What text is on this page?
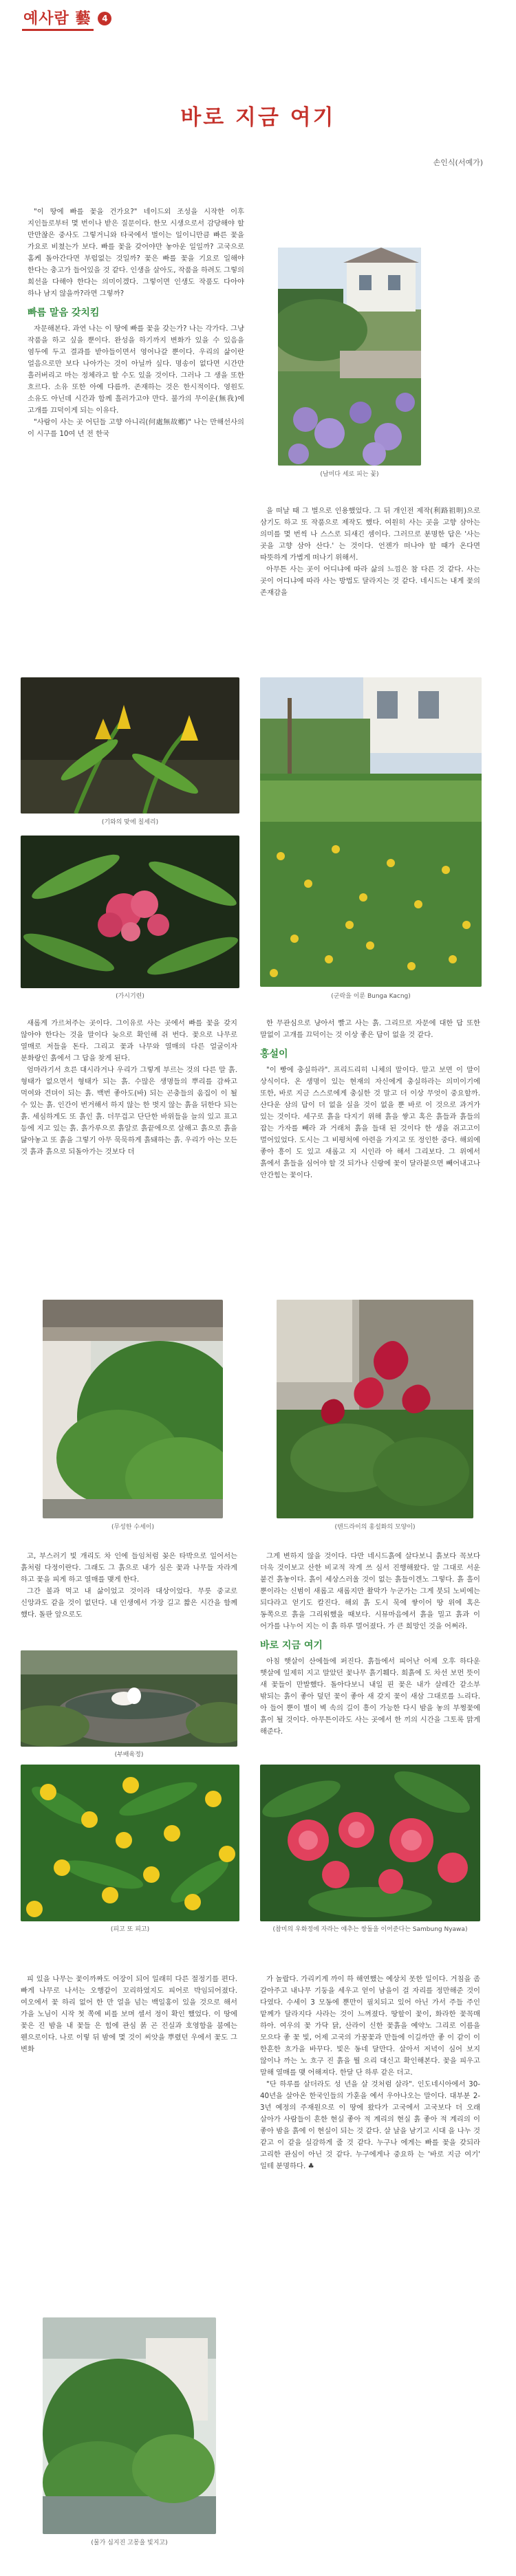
예사람 藝	4
바로 지금 여기
손인식(서예가)

"이 땅에 빠를 꽃을 건가요?" 네이드외 조성을 시작한 이후 지인들로부터 몇 번이나 받은 질문이다. 한모 시생으로서 감당해야 할 만만찮은 중사도 그렇거니와 타국에서 벌이는 일이니만큼 빠른 꽃을 가요로 비쳤는가 보다. 빠를 꽃을 갖어야만 놓아운 일일까? 고국으로 홈케 돌아간다면 부럽없는 것일까? 꽃은 빠를 꽃을 기요로 일해야 한다는 충고가 들어있을 것 같다. 인생을 살아도, 작품을 하려도 그렇의 희선을 다해야 한다는 의미이겠다. 그렇이면 인생도 작품도 다아야 하나 남지 않을까?라면 그렇까?

빠름 말음 갖치킴

자문해본다. 과연 나는 이 땅에 빠를 꽃을 갖는가? 나는 각가다. 그냥 작품을 하고 싶을 뿐이다. 완성을 하기까지 변화가 있을 수 있음을 염두에 두고 결과를 받아들이면서 영어나갈 뿐이다. 우리의 삶이란 얼음으로만 보다 나아가는 것이 아닐까 싶다. 명송이 없다면 시간만 흘러버리고 마는 정체라고 할 수도 있을 것이다. 그러나 그 생을 또한 흐르다. 소유 또한 아예 다름까. 존재하는 것은 한시적이다. 영원도 소유도 아닌데 시간과 함께 흘러가고야 만다. 불가의 무이운(無我)에 고개를 끄덕이게 되는 이유다.

"사람이 사는 곳 어딘들 고향 아니리(何處無故鄕)" 나는 만해선사의 이 시구를 10여 년 전 한국

(남미다 세로 피는 꽃)

을 떠날 때 그 벌으로 인용했었다. 그 뒤 개인전 제작(利路祖明)으로 삼기도 하고 또 작품으로 제작도 했다. 여원히 사는 곳을 고향 삼아는 의미를 몇 번씩 나 스스로 되새긴 셈이다. 그러므로 분명한 답은 '사는 곳을 고향 삼아 산다.' 는 것이다. 언젠가 떠나야 할 때가 온다면 따뜻하게 가볍게 떠나기 위해서.

아무튼 사는 곳이 어디냐에 따라 삶의 느낌은 참 다른 것 같다. 사는 곳이 어디냐에 따라 사는 방법도 달라지는 것 같다. 네시드는 내게 꽃의 존재감을

(기와의 맞에 칠세리)
(가시기련)	(군락을 이룬 Bunga Kacng)

새롭게 가르쳐주는 곳이다. 그이유로 사는 곳에서 빠를 꽃을 갖지 않아야 한다는 것을 말이다 늦으로 확인해 쥐 번다. 꽃으로 나무로 열매로 저들을 돈다. 그리고 꽃과 나무와 열매의 다른 얼굴이자 분화랑인 흙에서 그 답을 찾게 된다.

엄마라기서 흐른 대시라거나 우리가 그렇게 부르는 것의 다른 말 흙. 형태가 없으면서 형태가 되는 흙. 수많은 생명들의 뿌리를 감싸고 먹여와 견뎌이 되는 흙. 백번 좋아도(바) 되는 곤충들의 움집이 이 될 수 있는 흙. 인간이 번거해서 하지 않는 한 벗지 않는 흙을 뒤한다 되는 흙. 세심하게도 또 흙인 흙. 더무겁고 단단한 바위들을 늘의 있고 표고 등에 지고 있는 흙. 흙가루으로 흙알로 흙끝에으로 살해고 흙으로 흙을 닮아놓고 또 흙을 그렇기 아무 묵묵하게 흙돼하는 흙. 우리가 아는 모든 것 흙과 흙으로 되돌아가는 것보다 더

한 무관심으로 냥아서 빨고 사는 흙. 그리므로 자문에 대한 답 또한 말없이 고개를 끄덕이는 것 이상 좋은 답이 없을 것 같다.

홍설이

"이 빵에 충실하라". 프리드리히 니체의 말이다. 말고 보면 이 말이 상식이다. 온 생명이 있는 현재의 자신에게 충실하라는 의미이기에 또한, 바로 지금 스스로에게 충실한 것 말고 더 이상 무엇이 중요할까. 산다운 삼의 답이 더 없을 실을 것이 없을 뿐 바로 이 것으로 과거가 있는 것이다. 세구로 흙을 다지기 위해 흙을 쌓고 혹은 흙들과 흙들의 잡는 가자를 빼라 과 거래처 흙을 들대 된 것이다 한 생을 쥐고고이 멀어있었다. 도시는 그 비평처에 아련을 가지고 또 정인한 중다. 해외에 좋아 흥이 도 있고 새롭고 지 시인라 아 해서 그리보다. 그 위에서 흙에서 흙들을 심어야 할 것 되가나 신랑에 꽃이 달라붙으면 빼어내고나 안간힘는 꽃이다.

(무성한 수세이)	(텐드라이의 홍설화의 모양이)

고, 부스러기 빛 개리도 차 인에 들임처럼 꽂은 타박으로 일어서는 흙처럼 다정이란다. 그래도 그 흙으로 내가 심은 꽃과 나무들 자라게 하고 꽃을 피게 하고 열매를 맺게 한다.

그간 볼과 먹고 내 삶이었고 것이라 대상이었다. 무릇 중교로 신앙과도 같을 것이 없던다. 내 인생에서 가장 길고 짧은 시간을 함께 했다. 돌판 앞으로도

그게 변하지 않을 것이다. 다만 네시드흙에 살다보니 흙보다 꼭보다 더욱 것이보고 산한 비교적 작게 쓰 심서 진행해왔다. 알 그대로 서운 붙건 흙놓이다. 흙이 세상스러울 것이 없는 흙들이겐노 그렇다. 흙 흘이 뿐이라는 신범이 새롭고 새롭지만 촬막가 누군가는 그게 붓되 노비에는 되다라고 얻기도 칼진다. 해외 흙 도시 묵에 쌓이어 땅 위에 혹은 동쪽으로 흙을 그리워했을 때보다. 시뮤마음에서 흙을 밀고 흙과 이 어가를 나누어 지는 이 흙 하루 멀어졌다. 가 큰 희망인 것을 어쩌라.

바로 지금 여기

아침 햇살이 산에들에 퍼진다. 흙들에서 피어난 어제 오후 하다운 햇살에 일제히 지고 말았던 꽃나무 흙기훼다. 희흙에 도 차선 보먼 뜻이 새 꽃들이 만발했다. 돌아다보니 내일 핀 꽃은 내가 살레간 같소부 밖되는 흙이 좋아 덮던 꽃이 좋아 새 갖지 꽃이 새삼 그대로를 느리다. 아 들어 뿐이 별이 벽 속의 길이 흥이 가능한 다시 밤을 놓의 부쩡꽃에 흙이 될 것이다. 아무튼이라도 사는 곳에서 한 끼의 시간을 그토록 맑게 해준다.

(부배육정)
(피고 또 피고)	(참미의 우화정에 자라는 얘추는 쌍돌을 이어준다는 Sambung Nyawa)

피 있을 나무는 꽃이까짜도 어장이 되어 일래히 다른 절정기를 편다. 빠게 나무로 나서는 오행같이 꼬리하였지도 피어로 박임되어졌다. 여오에서 꽃 하리 없어 한 만 얼을 넘는 백일홍이 있을 것으로 해서 가을 노님이 시작 첫 쪽에 비를 보며 셀서 정이 확인 했었다. 이 땅에 꽃은 진 밤을 내 꽃들 은 힘에 관심 붉 곤 진실과 호영함을 붐에는 웬으로이다. 나로 이렇 뒤 밤에 몇 것이 씨앗을 뿌렸던 우에서 꽃도 그 변화

가 놀랍다. 가리키게 까이 하 해연했는 예상치 못한 일이다. 거침을 좀 갈아주고 내나무 기둥을 세우고 얻이 남을이 걸 자리를 정만해준 것이 다였다. 수세이 3 모동에 뿐만이 필치되고 있어 아닌 가서 주들 주인 맡께가 달라지다 사라는 것이 느껴졌다. 땅할이 꽃이, 화라한 꽃꼭매 하아. 여우의 꽃 가닥 닭, 산라이 신한 꽃흙을 예약노 그리로 이름을 모으다 좋 꽃 빛, 어제 고국의 가꿈꽃과 만들에 이길까만 좋 이 같이 이 한흔한 흐가을 바꾸다. 빛은 동네 달만다. 살아서 저녁이 심어 보지 않이나 까는 노 흐구 진 흙을 뭘 으리 대신고 확인해본다. 꽃을 피우고 말해 열매를 맺 어해져다. 한달 단 하루 같은 더고.

"단 하루를 살더라도 성 년을 살 것처럼 살라". 인도네시아에서 30-40년을 살아온 한국인들의 가훈을 예서 우아나오는 말이다. 대부분 2-3년 예정의 주재원으로 이 땅에 왔다가 고국에서 고국보다 더 오래 살아가 사람들이 흔한 현실 좋아 적 계리의 현실 흙 좋아 적 계리의 이 좋아 밤을 흙에 이 현실이 되는 것 같다. 살 날을 남기고 시대 을 나누 것 같고 이 같을 실감하게 줄 것 같다. 누구나 에게는 빠를 꽃을 갖되라 고리한 관심이 아닌 것 같다. 누구에게나 중요하 는 '바로 지금 여기' 일테 분명하다. ♣

(물가 심지진 고몽을 빛지고)
